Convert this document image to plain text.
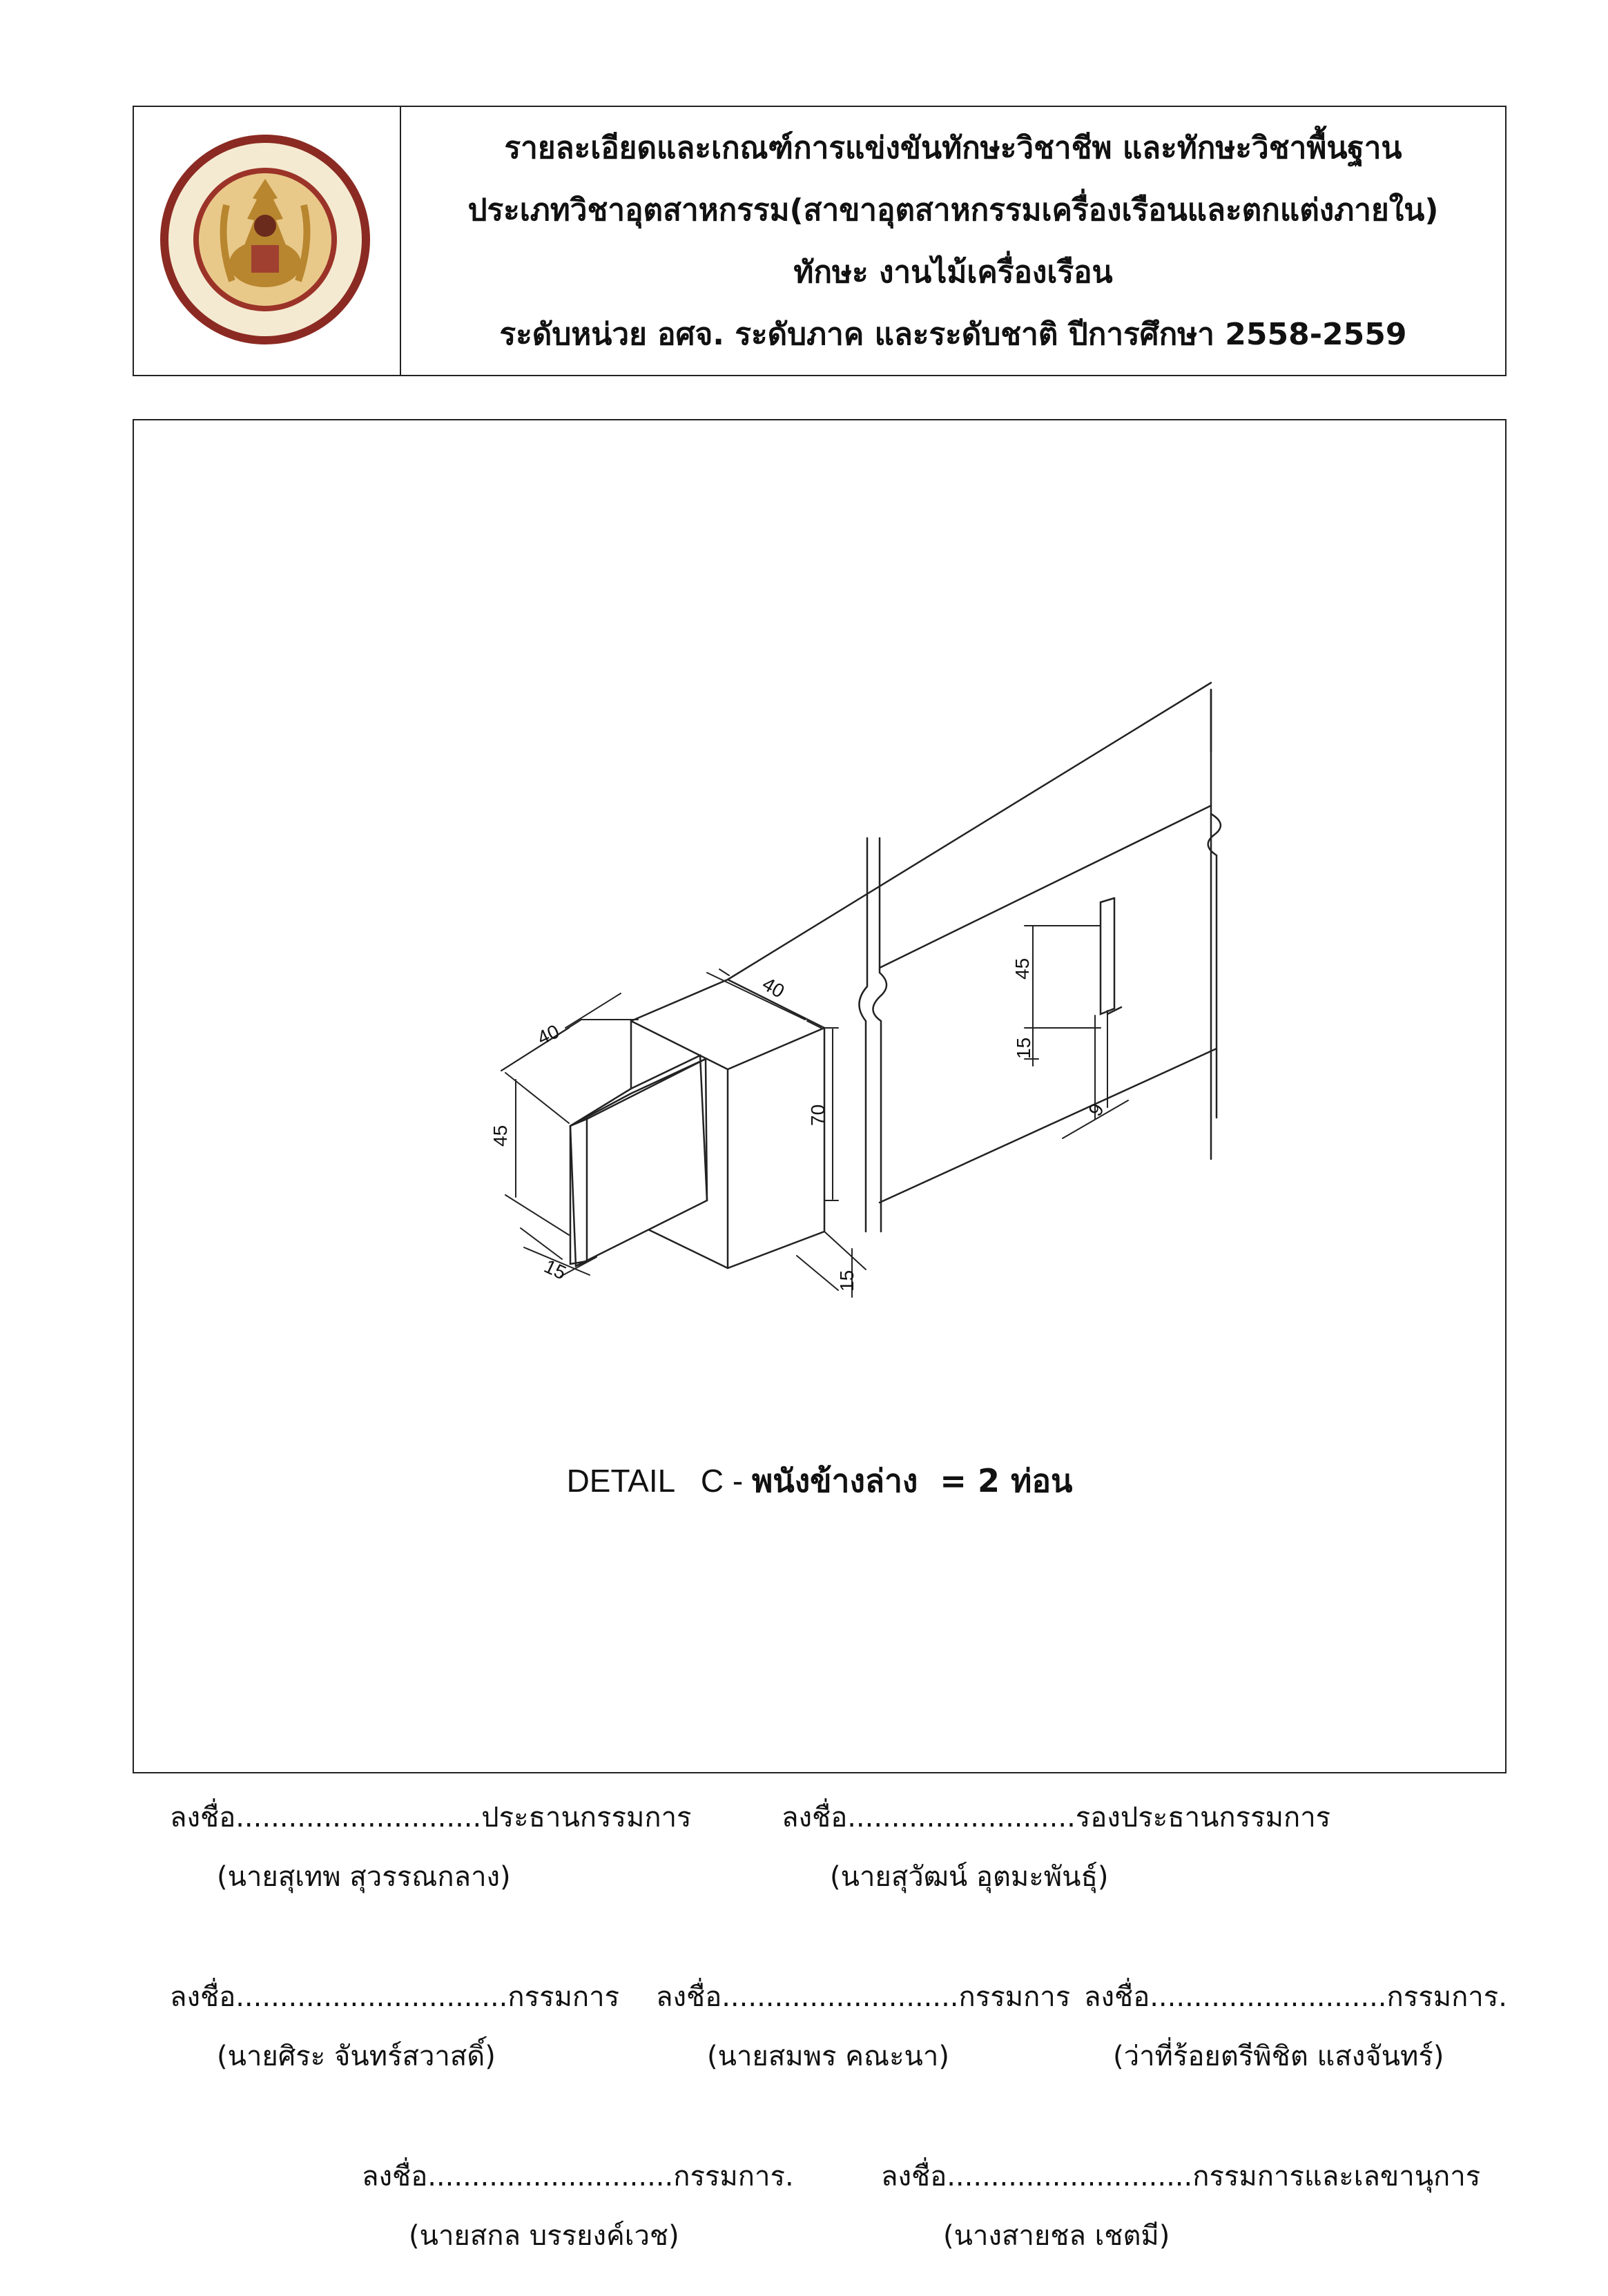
รายละเอียดและเกณฑ์การแข่งขันทักษะวิชาชีพ และทักษะวิชาพื้นฐาน
ประเภทวิชาอุตสาหกรรม(สาขาอุตสาหกรรมเครื่องเรือนและตกแต่งภายใน)
ทักษะ งานไม้เครื่องเรือน
ระดับหน่วย อศจ. ระดับภาค และระดับชาติ ปีการศึกษา 2558-2559
40
45
15
40
70
15
45
15
9
DETAIL   C - พนังข้างล่าง  = 2 ท่อน
ลงชื่อ............................ประธานกรรมการ
(นายสุเทพ สุวรรณกลาง)
ลงชื่อ..........................รองประธานกรรมการ
(นายสุวัฒน์ อุตมะพันธุ์)
ลงชื่อ...............................กรรมการ
(นายศิระ จันทร์สวาสดิ์)
ลงชื่อ...........................กรรมการ
(นายสมพร คณะนา)
ลงชื่อ...........................กรรมการ.
(ว่าที่ร้อยตรีพิชิต แสงจันทร์)
ลงชื่อ............................กรรมการ.
(นายสกล บรรยงค์เวช)
ลงชื่อ............................กรรมการและเลขานุการ
(นางสายชล เชตมี)
